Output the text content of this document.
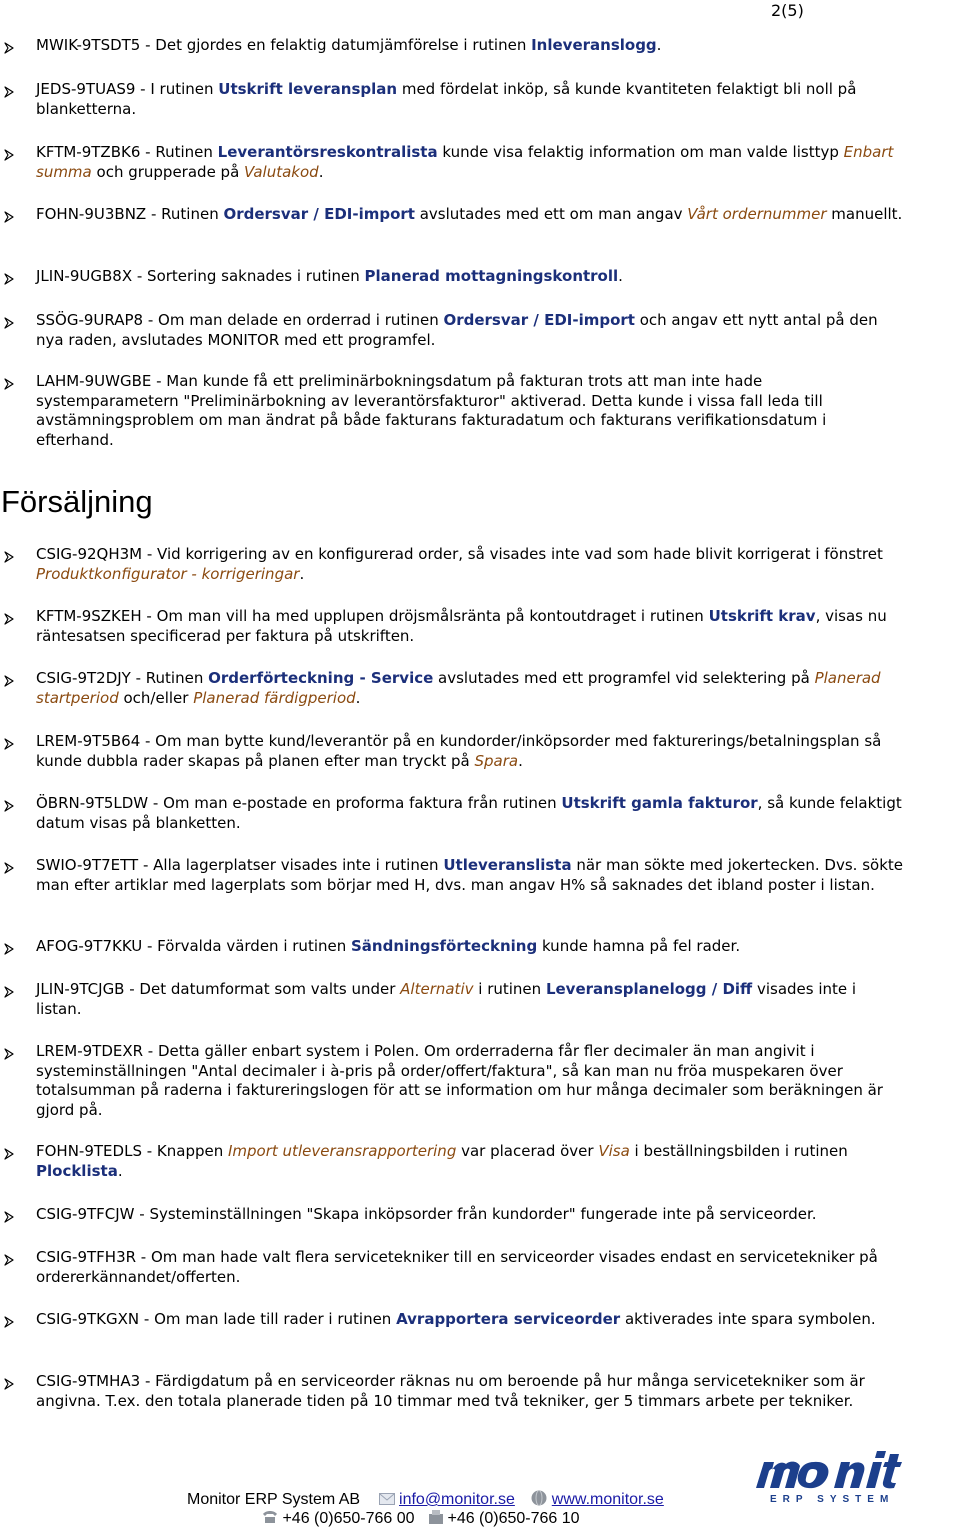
2(5)
MWIK-9TSDT5 - Det gjordes en felaktig datumjämförelse i rutinen Inleveranslogg.
JEDS-9TUAS9 - I rutinen Utskrift leveransplan med fördelat inköp, så kunde kvantiteten felaktigt bli noll på blanketterna.
KFTM-9TZBK6 - Rutinen Leverantörsreskontralista kunde visa felaktig information om man valde listtyp Enbart summa och grupperade på Valutakod.
FOHN-9U3BNZ - Rutinen Ordersvar / EDI-import avslutades med ett om man angav Vårt ordernummer manuellt.
JLIN-9UGB8X - Sortering saknades i rutinen Planerad mottagningskontroll.
SSÖG-9URAP8 - Om man delade en orderrad i rutinen Ordersvar / EDI-import och angav ett nytt antal på den nya raden, avslutades MONITOR med ett programfel.
LAHM-9UWGBE - Man kunde få ett preliminärbokningsdatum på fakturan trots att man inte hade systemparametern "Preliminärbokning av leverantörsfakturor" aktiverad. Detta kunde i vissa fall leda till avstämningsproblem om man ändrat på både fakturans fakturadatum och fakturans verifikationsdatum i efterhand.
Försäljning
CSIG-92QH3M - Vid korrigering av en konfigurerad order, så visades inte vad som hade blivit korrigerat i fönstret Produktkonfigurator - korrigeringar.
KFTM-9SZKEH - Om man vill ha med upplupen dröjsmålsränta på kontoutdraget i rutinen Utskrift krav, visas nu räntesatsen specificerad per faktura på utskriften.
CSIG-9T2DJY - Rutinen Orderförteckning - Service avslutades med ett programfel vid selektering på Planerad startperiod och/eller Planerad färdigperiod.
LREM-9T5B64 - Om man bytte kund/leverantör på en kundorder/inköpsorder med fakturerings/betalningsplan så kunde dubbla rader skapas på planen efter man tryckt på Spara.
ÖBRN-9T5LDW - Om man e-postade en proforma faktura från rutinen Utskrift gamla fakturor, så kunde felaktigt datum visas på blanketten.
SWIO-9T7ETT - Alla lagerplatser visades inte i rutinen Utleveranslista när man sökte med jokertecken. Dvs. sökte man efter artiklar med lagerplats som börjar med H, dvs. man angav H% så saknades det ibland poster i listan.
AFOG-9T7KKU - Förvalda värden i rutinen Sändningsförteckning kunde hamna på fel rader.
JLIN-9TCJGB - Det datumformat som valts under Alternativ i rutinen Leveransplanelogg / Diff visades inte i listan.
LREM-9TDEXR - Detta gäller enbart system i Polen. Om orderraderna får fler decimaler än man angivit i systeminställningen "Antal decimaler i à-pris på order/offert/faktura", så kan man nu fröa muspekaren över totalsumman på raderna i faktureringslogen för att se information om hur många decimaler som beräkningen är gjord på.
FOHN-9TEDLS - Knappen Import utleveransrapportering var placerad över Visa i beställningsbilden i rutinen Plocklista.
CSIG-9TFCJW - Systeminställningen "Skapa inköpsorder från kundorder" fungerade inte på serviceorder.
CSIG-9TFH3R - Om man hade valt flera servicetekniker till en serviceorder visades endast en servicetekniker på ordererkännandet/offerten.
CSIG-9TKGXN - Om man lade till rader i rutinen Avrapportera serviceorder aktiverades inte spara symbolen.
CSIG-9TMHA3 - Färdigdatum på en serviceorder räknas nu om beroende på hur många servicetekniker som är angivna. T.ex. den totala planerade tiden på 10 timmar med två tekniker, ger 5 timmars arbete per tekniker.
ERP SYSTEM
Monitor ERP System AB info@monitor.se www.monitor.se
+46 (0)650-766 00 +46 (0)650-766 10
